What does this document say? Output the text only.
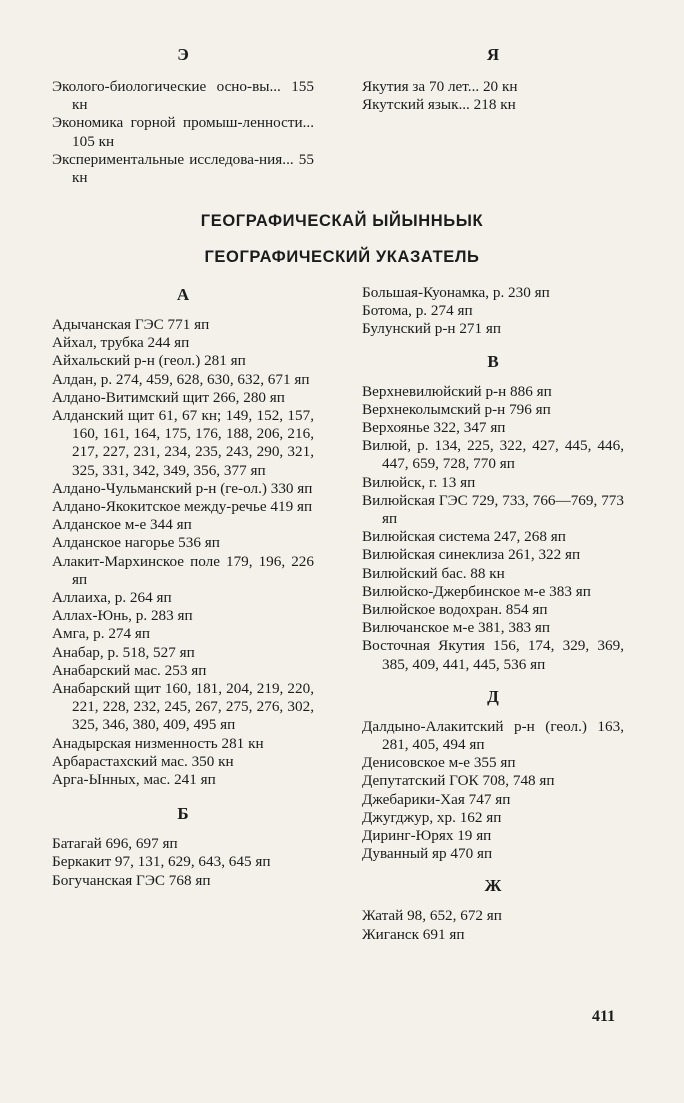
Э

Эколого-биологические осно-вы... 155 кн

Экономика горной промыш-ленности... 105 кн

Экспериментальные исследова-ния... 55 кн

Я

Якутия за 70 лет... 20 кн

Якутский язык... 218 кн

ГЕОГРАФИЧЕСКАЙ ЫЙЫННЬЫК

ГЕОГРАФИЧЕСКИЙ УКАЗАТЕЛЬ

А

Адычанская ГЭС 771 яп

Айхал, трубка 244 яп

Айхальский р-н (геол.) 281 яп

Алдан, р. 274, 459, 628, 630, 632, 671 яп

Алдано-Витимский щит 266, 280 яп

Алданский щит 61, 67 кн; 149, 152, 157, 160, 161, 164, 175, 176, 188, 206, 216, 217, 227, 231, 234, 235, 243, 290, 321, 325, 331, 342, 349, 356, 377 яп

Алдано-Чульманский р-н (ге-ол.) 330 яп

Алдано-Якокитское между-речье 419 яп

Алданское м-е 344 яп

Алданское нагорье 536 яп

Алакит-Мархинское поле 179, 196, 226 яп

Аллаиха, р. 264 яп

Аллах-Юнь, р. 283 яп

Амга, р. 274 яп

Анабар, р. 518, 527 яп

Анабарский мас. 253 яп

Анабарский щит 160, 181, 204, 219, 220, 221, 228, 232, 245, 267, 275, 276, 302, 325, 346, 380, 409, 495 яп

Анадырская низменность 281 кн

Арбарастахский мас. 350 кн

Арга-Ынных, мас. 241 яп

Б

Батагай 696, 697 яп

Беркакит 97, 131, 629, 643, 645 яп

Богучанская ГЭС 768 яп

Большая-Куонамка, р. 230 яп

Ботома, р. 274 яп

Булунский р-н 271 яп

В

Верхневилюйский р-н 886 яп

Верхнеколымский р-н 796 яп

Верхоянье 322, 347 яп

Вилюй, р. 134, 225, 322, 427, 445, 446, 447, 659, 728, 770 яп

Вилюйск, г. 13 яп

Вилюйская ГЭС 729, 733, 766—769, 773 яп

Вилюйская система 247, 268 яп

Вилюйская синеклиза 261, 322 яп

Вилюйский бас. 88 кн

Вилюйско-Джербинское м-е 383 яп

Вилюйское водохран. 854 яп

Вилючанское м-е 381, 383 яп

Восточная Якутия 156, 174, 329, 369, 385, 409, 441, 445, 536 яп

Д

Далдыно-Алакитский р-н (геол.) 163, 281, 405, 494 яп

Денисовское м-е 355 яп

Депутатский ГОК 708, 748 яп

Джебарики-Хая 747 яп

Джугджур, хр. 162 яп

Диринг-Юрях 19 яп

Дуванный яр 470 яп

Ж

Жатай 98, 652, 672 яп

Жиганск 691 яп

411
